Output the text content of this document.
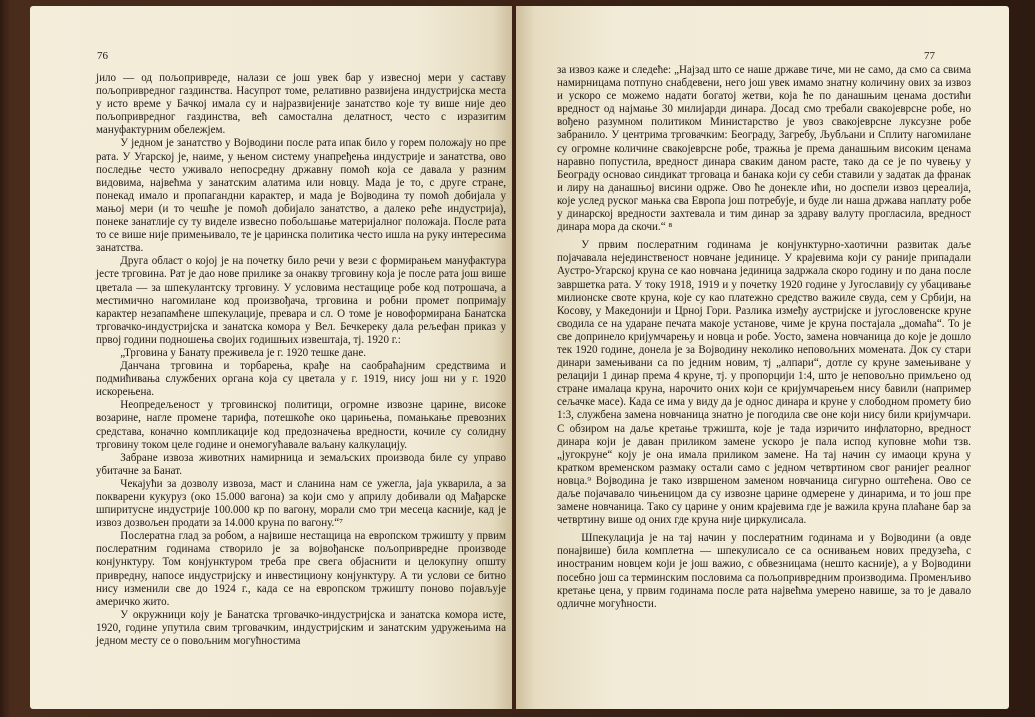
76

јило — од пољопривреде, налази се још увек бар у извесној мери у саставу пољопривредног газдинства. Насупрот томе, релативно развијена индустријска места у исто време у Бачкој имала су и најразвијеније занатство које ту више није део пољопривредног газдинства, већ самостална делатност, често с изразитим мануфактурним обележјем.

У једном је занатство у Војводини после рата ипак било у горем положају но пре рата. У Угарској је, наиме, у њеном систему унапређења индустрије и занатства, ово последње често уживало непосредну државну помоћ која се давала у разним видовима, највећма у занатским алатима или новцу. Мада је то, с друге стране, понекад имало и пропагандни карактер, и мада је Војводина ту помоћ добијала у мањој мери (и то чешће је помоћ добијало занатство, а далеко реће индустрија), понеке занатлије су ту виделе извесно побољшање материјалног положаја. После рата то се више није примењивало, те је царинска политика често ишла на руку интересима занатства.

Друга област о којој је на почетку било речи у вези с формирањем мануфактура јесте трговина. Рат је дао нове прилике за онакву трговину која је после рата још више цветала — за шпекулантску трговину. У условима нестащице робе код потрошача, а местимично нагомилане код произвођача, трговина и робни промет попримају карактер незапамћене шпекулације, превара и сл. О томе је новоформирана Банатска трговачко-индустријска и занатска комора у Вел. Бечкереку дала рељефан приказ у првој години подношења својих годишњих извештаја, тј. 1920 г.:

„Трговина у Банату преживела је г. 1920 тешке дане.

Данчана трговина и торбарења, крађе на саобраћајним средствима и подмићивања службених органа која су цветала у г. 1919, нису још ни у г. 1920 искорењена.

Неопредељеност у трговинској политици, огромне извозне царине, високе возарине, нагле промене тарифа, потешкоће око царињења, помањкање превозних средстава, коначно компликације код предозначења вредности, кочиле су солидну трговину током целе године и онемогућавале ваљану калкулацију.

Забране извоза животних намирница и земаљских производа биле су управо убитачне за Банат.

Чекајући за дозволу извоза, маст и сланина нам се ужегла, јаја укварила, а за покварени кукуруз (око 15.000 вагона) за који смо у априлу добивали од Мађарске шпиритусне индустрије 100.000 кр по вагону, морали смо три месеца касније, кад је извоз дозвољен продати за 14.000 круна по вагону.“⁷

Послератна глад за робом, а највише нестащица на европском тржишту у првим послератним годинама створило је за војвођанске пољопривредне производе конјунктуру. Том конјунктуром треба пре свега објаснити и целокупну општу привредну, напосе индустријску и инвестициону конјунктуру. А ти услови се битно нису изменили све до 1924 г., када се на европском тржишту поново појављује америчко жито.

У окружници коју је Банатска трговачко-индустријска и занатска комора исте, 1920, године упутила свим трговачким, индустријским и занатским удружењима на једном месту се о повољним могућностима

77

за извоз каже и следеће: „Најзад што се наше државе тиче, ми не само, да смо са свима намирницама потпуно снабдевени, него још увек имамо знатну количину ових за извоз и ускоро се можемо надати богатој жетви, која ће по данашњим ценама достићи вредност од најмање 30 милијарди динара. Досад смо требали свакојеврсне робе, но вођено разумном политиком Министарство је увоз свакојеврсне луксузне робе забранило. У центрима трговачким: Београду, Загребу, Љубљани и Сплиту нагомилане су огромне количине свакојеврсне робе, тражња је према данашњим високим ценама наравно попустила, вредност динара сваким даном расте, тако да се је по чувењу у Београду основао синдикат трговаца и банака који су себи ставили у задатак да франак и лиру на данашњој висини одрже. Ово ће донекле ићи, но доспели извоз цереалија, које услед руског мањка сва Европа још потребује, и буде ли наша држава наплату робе у динарској вредности захтевала и тим динар за здраву валуту прогласила, вредност динара мора да скочи.“ ⁸

У првим послератним годинама је конјунктурно-хаотични развитак даље појачавала нејединственост новчане јединице. У крајевима који су раније припадали Аустро-Угарској круна се као новчана јединица задржала скоро годину и по дана после завршетка рата. У току 1918, 1919 и у почетку 1920 године у Југославију су убацивање милионске своте круна, које су као платежно средство важиле свуда, сем у Србији, на Косову, у Македонији и Црној Гори. Разлика између аустријске и југословенске круне сводила се на ударане печата макоје установе, чиме је круна постајала „домаћа“. То је све допринело кријумчарењу и новца и робе. Уосто, замена новчаница до које је дошло тек 1920 године, донела је за Војводину неколико неповољних момената. Док су стари динари замењивани са по једним новим, тј „алпари“, дотле су круне замењиване у релацији 1 динар према 4 круне, тј. у пропорцији 1:4, што је неповољно примљено од стране ималаца круна, нарочито оних који се кријумчарењем нису бавили (например сељачке масе). Када се има у виду да је однос динара и круне у слободном промету био 1:3, службена замена новчаница знатно је погодила све оне који нису били кријумчари. С обзиром на даље кретање тржишта, које је тада изричито инфлаторно, вредност динара који је даван приликом замене ускоро је пала испод куповне моћи тзв. „југокруне“ коју је она имала приликом замене. На тај начин су имаоци круна у кратком временском размаку остали само с једном четвртином свог ранијег реалног новца.⁹ Војводина је тако извршеном заменом новчаница сигурно оштећена. Ово се даље појачавало чињеницом да су извозне царине одмерене у динарима, и то још пре замене новчаница. Тако су царине у оним крајевима где је важила круна плаћане бар за четвртину више од оних где круна није циркулисала.

Шпекулација је на тај начин у послератним годинама и у Војводини (а овде понајвише) била комплетна — шпекулисало се са оснивањем нових предузећа, с иностраним новцем који је још важио, с обвезницама (нешто касније), а у Војводини посебно још са терминским пословима са пољопривредним производима. Променљиво кретање цена, у првим годинама после рата највећма умерено навише, за то је давало одличне могућности.
